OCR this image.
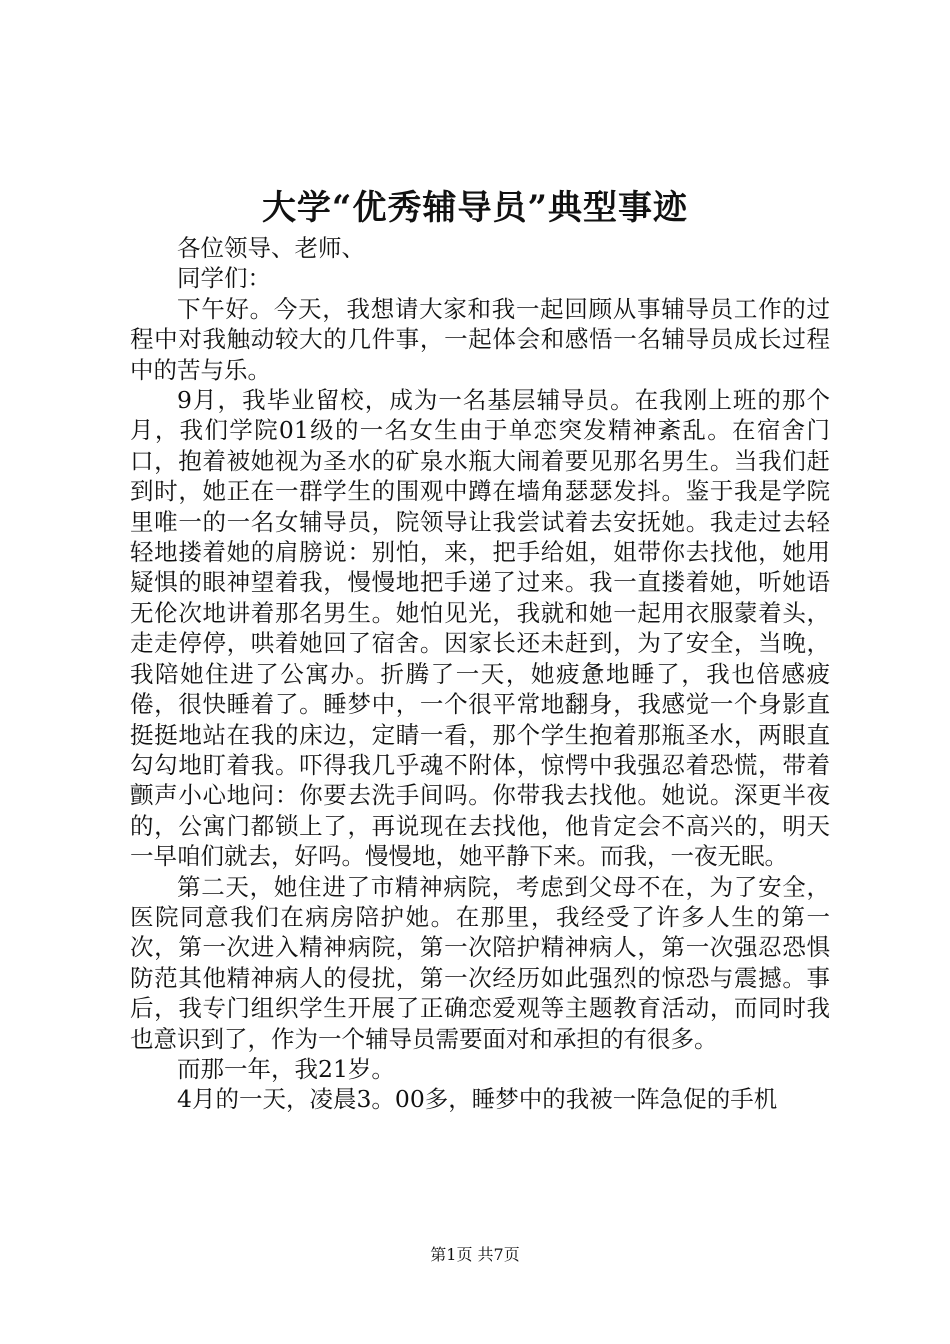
大学“优秀辅导员”典型事迹

各位领导、老师、

同学们：

下午好。今天，我想请大家和我一起回顾从事辅导员工作的过程中对我触动较大的几件事，一起体会和感悟一名辅导员成长过程中的苦与乐。

9月，我毕业留校，成为一名基层辅导员。在我刚上班的那个月，我们学院01级的一名女生由于单恋突发精神紊乱。在宿舍门口，抱着被她视为圣水的矿泉水瓶大闹着要见那名男生。当我们赶到时，她正在一群学生的围观中蹲在墙角瑟瑟发抖。鉴于我是学院里唯一的一名女辅导员，院领导让我尝试着去安抚她。我走过去轻轻地搂着她的肩膀说：别怕，来，把手给姐，姐带你去找他，她用疑惧的眼神望着我，慢慢地把手递了过来。我一直搂着她，听她语无伦次地讲着那名男生。她怕见光，我就和她一起用衣服蒙着头，走走停停，哄着她回了宿舍。因家长还未赶到，为了安全，当晚，我陪她住进了公寓办。折腾了一天，她疲惫地睡了，我也倍感疲倦，很快睡着了。睡梦中，一个很平常地翻身，我感觉一个身影直挺挺地站在我的床边，定睛一看，那个学生抱着那瓶圣水，两眼直勾勾地盯着我。吓得我几乎魂不附体，惊愕中我强忍着恐慌，带着颤声小心地问：你要去洗手间吗。你带我去找他。她说。深更半夜的，公寓门都锁上了，再说现在去找他，他肯定会不高兴的，明天一早咱们就去，好吗。慢慢地，她平静下来。而我，一夜无眠。

第二天，她住进了市精神病院，考虑到父母不在，为了安全，医院同意我们在病房陪护她。在那里，我经受了许多人生的第一次，第一次进入精神病院，第一次陪护精神病人，第一次强忍恐惧防范其他精神病人的侵扰，第一次经历如此强烈的惊恐与震撼。事后，我专门组织学生开展了正确恋爱观等主题教育活动，而同时我也意识到了，作为一个辅导员需要面对和承担的有很多。

而那一年，我21岁。

4月的一天，凌晨3。00多，睡梦中的我被一阵急促的手机

第1页 共7页
